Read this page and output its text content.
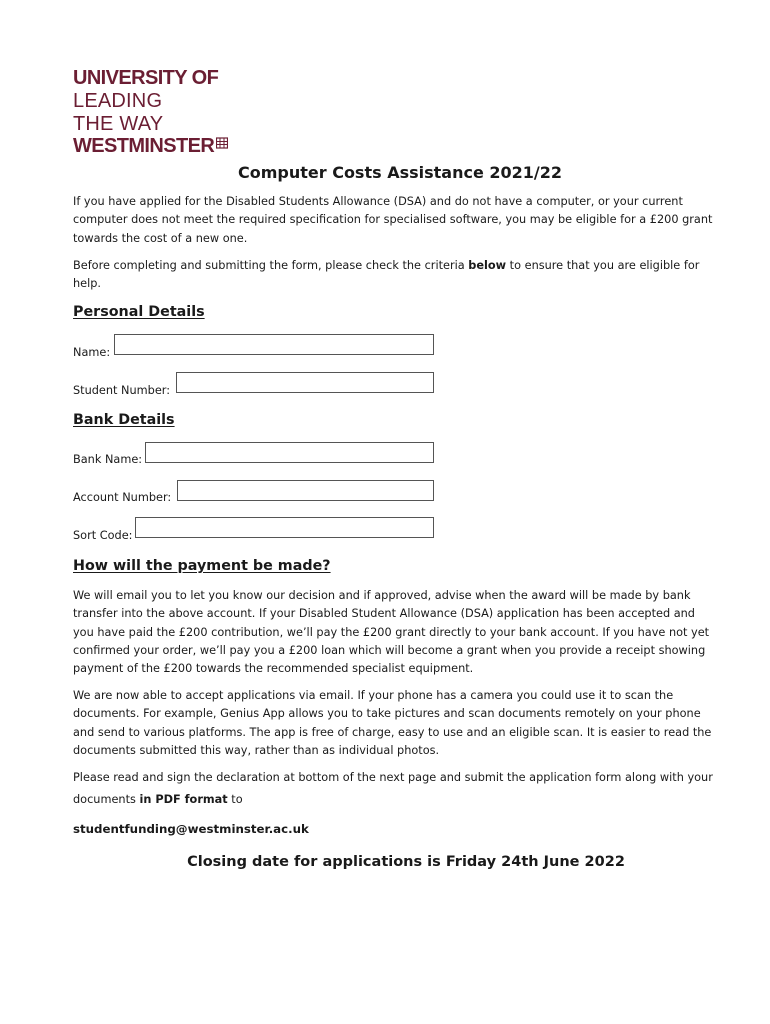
UNIVERSITY OF

LEADING

THE WAY

WESTMINSTER

Computer Costs Assistance 2021/22

If you have applied for the Disabled Students Allowance (DSA) and do not have a computer, or your current computer does not meet the required specification for specialised software, you may be eligible for a £200 grant towards the cost of a new one.

Before completing and submitting the form, please check the criteria below to ensure that you are eligible for help.

Personal Details

Name:
Student Number:

Bank Details

Bank Name:
Account Number:
Sort Code:

How will the payment be made?

We will email you to let you know our decision and if approved, advise when the award will be made by bank transfer into the above account. If your Disabled Student Allowance (DSA) application has been accepted and you have paid the £200 contribution, we’ll pay the £200 grant directly to your bank account. If you have not yet confirmed your order, we’ll pay you a £200 loan which will become a grant when you provide a receipt showing payment of the £200 towards the recommended specialist equipment.

We are now able to accept applications via email. If your phone has a camera you could use it to scan the documents. For example, Genius App allows you to take pictures and scan documents remotely on your phone and send to various platforms. The app is free of charge, easy to use and an eligible scan. It is easier to read the documents submitted this way, rather than as individual photos.

Please read and sign the declaration at bottom of the next page and submit the application form along with your documents in PDF format to

studentfunding@westminster.ac.uk

Closing date for applications is Friday 24th June 2022
